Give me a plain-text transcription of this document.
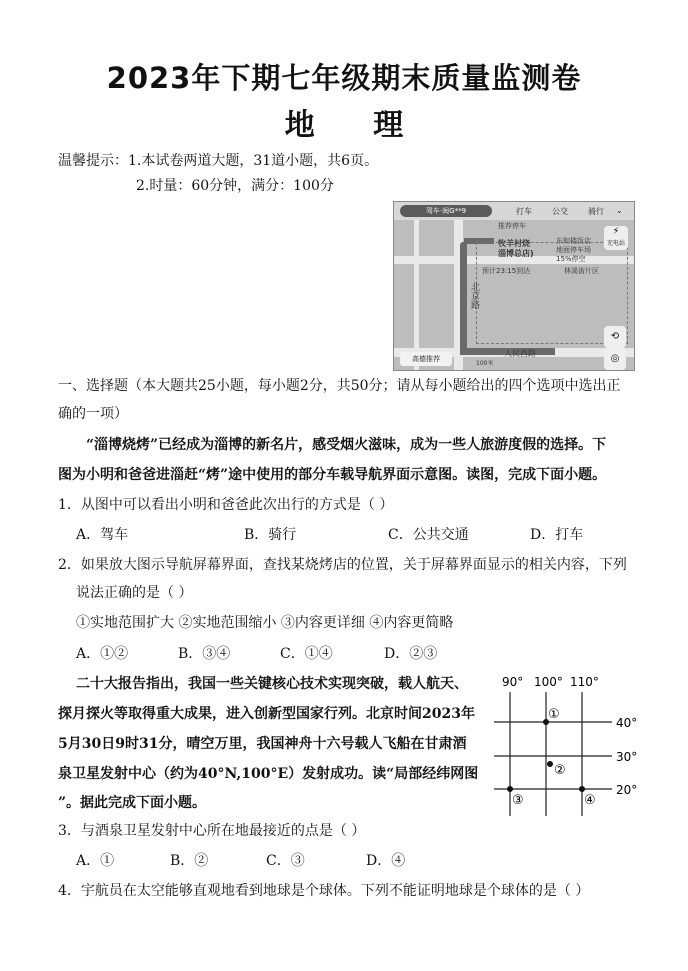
2023年下期七年级期末质量监测卷
地 理
温馨提示：1.本试卷两道大题，31道小题，共6页。
2.时量：60分钟，满分：100分
驾车·闽G**9	打车	公交	骑行 ⌄
推荐停车
牧羊村烧
淄博总店)
预计23:15到达
东和楼饭店
地面停车场
15%停空
林溪街片区
北京路
人民西路
⚡
充电站
⟲
◎
高德推荐
100米
一、选择题（本大题共25小题，每小题2分，共50分；请从每小题给出的四个选项中选出正
确的一项）
“淄博烧烤”已经成为淄博的新名片，感受烟火滋味，成为一些人旅游度假的选择。下
图为小明和爸爸进淄赶“烤”途中使用的部分车载导航界面示意图。读图，完成下面小题。
1．从图中可以看出小明和爸爸此次出行的方式是（ ）
A．驾车	B．骑行	C．公共交通	D．打车
2．如果放大图示导航屏幕界面，查找某烧烤店的位置，关于屏幕界面显示的相关内容，下列
说法正确的是（ ）
①实地范围扩大 ②实地范围缩小 ③内容更详细 ④内容更简略
A．①②	B．③④	C．①④	D．②③
二十大报告指出，我国一些关键核心技术实现突破，载人航天、
探月探火等取得重大成果，进入创新型国家行列。北京时间2023年
5月30日9时31分，晴空万里，我国神舟十六号载人飞船在甘肃酒
泉卫星发射中心（约为40°N,100°E）发射成功。读“局部经纬网图
”。据此完成下面小题。
90° 100° 110°
40°
30°
20°
①
②
③	④
3．与酒泉卫星发射中心所在地最接近的点是（ ）
A．①	B．②	C．③	D．④
4．宇航员在太空能够直观地看到地球是个球体。下列不能证明地球是个球体的是（ ）
